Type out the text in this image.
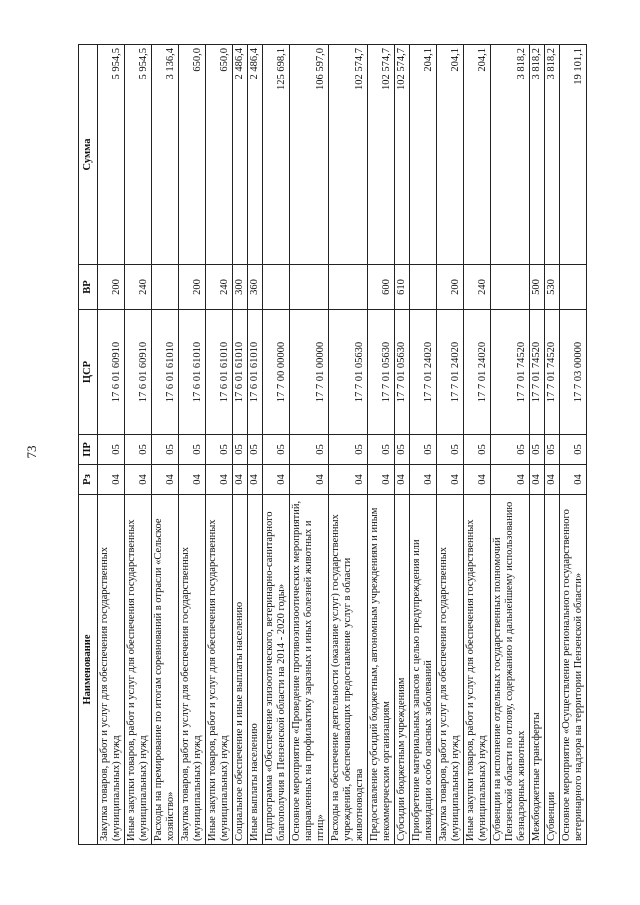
73
Наименование	Рз	ПР	ЦСР	ВР	Сумма
Закупка товаров, работ и услуг для обеспечения государственных (муниципальных) нужд	04	05	17 6 01 60910	200	5 954,5
Иные закупки товаров, работ и услуг для обеспечения государственных (муниципальных) нужд	04	05	17 6 01 60910	240	5 954,5
Расходы на премирование по итогам соревнований в отрасли «Сельское хозяйство»	04	05	17 6 01 61010		3 136,4
Закупка товаров, работ и услуг для обеспечения государственных (муниципальных) нужд	04	05	17 6 01 61010	200	650,0
Иные закупки товаров, работ и услуг для обеспечения государственных (муниципальных) нужд	04	05	17 6 01 61010	240	650,0
Социальное обеспечение и иные выплаты населению	04	05	17 6 01 61010	300	2 486,4
Иные выплаты населению	04	05	17 6 01 61010	360	2 486,4
Подпрограмма «Обеспечение эпизоотического, ветеринарно-санитарного благополучия в Пензенской области на 2014 - 2020 годы»	04	05	17 7 00 00000		125 698,1
Основное мероприятие «Проведение противоэпизоотических мероприятий, направленных на профилактику заразных и иных болезней животных и птиц»	04	05	17 7 01 00000		106 597,0
Расходы на обеспечение деятельности (оказание услуг) государственных учреждений, обеспечивающих предоставление услуг в области животноводства	04	05	17 7 01 05630		102 574,7
Предоставление субсидий бюджетным, автономным учреждениям и иным некоммерческим организациям	04	05	17 7 01 05630	600	102 574,7
Субсидии бюджетным учреждениям	04	05	17 7 01 05630	610	102 574,7
Приобретение материальных запасов с целью предупреждения или ликвидации особо опасных заболеваний	04	05	17 7 01 24020		204,1
Закупка товаров, работ и услуг для обеспечения государственных (муниципальных) нужд	04	05	17 7 01 24020	200	204,1
Иные закупки товаров, работ и услуг для обеспечения государственных (муниципальных) нужд	04	05	17 7 01 24020	240	204,1
Субвенции на исполнение отдельных государственных полномочий Пензенской области по отлову, содержанию и дальнейшему использованию безнадзорных животных	04	05	17 7 01 74520		3 818,2
Межбюджетные трансферты	04	05	17 7 01 74520	500	3 818,2
Субвенции	04	05	17 7 01 74520	530	3 818,2
Основное мероприятие «Осуществление регионального государственного ветеринарного надзора на территории Пензенской области»	04	05	17 7 03 00000		19 101,1
